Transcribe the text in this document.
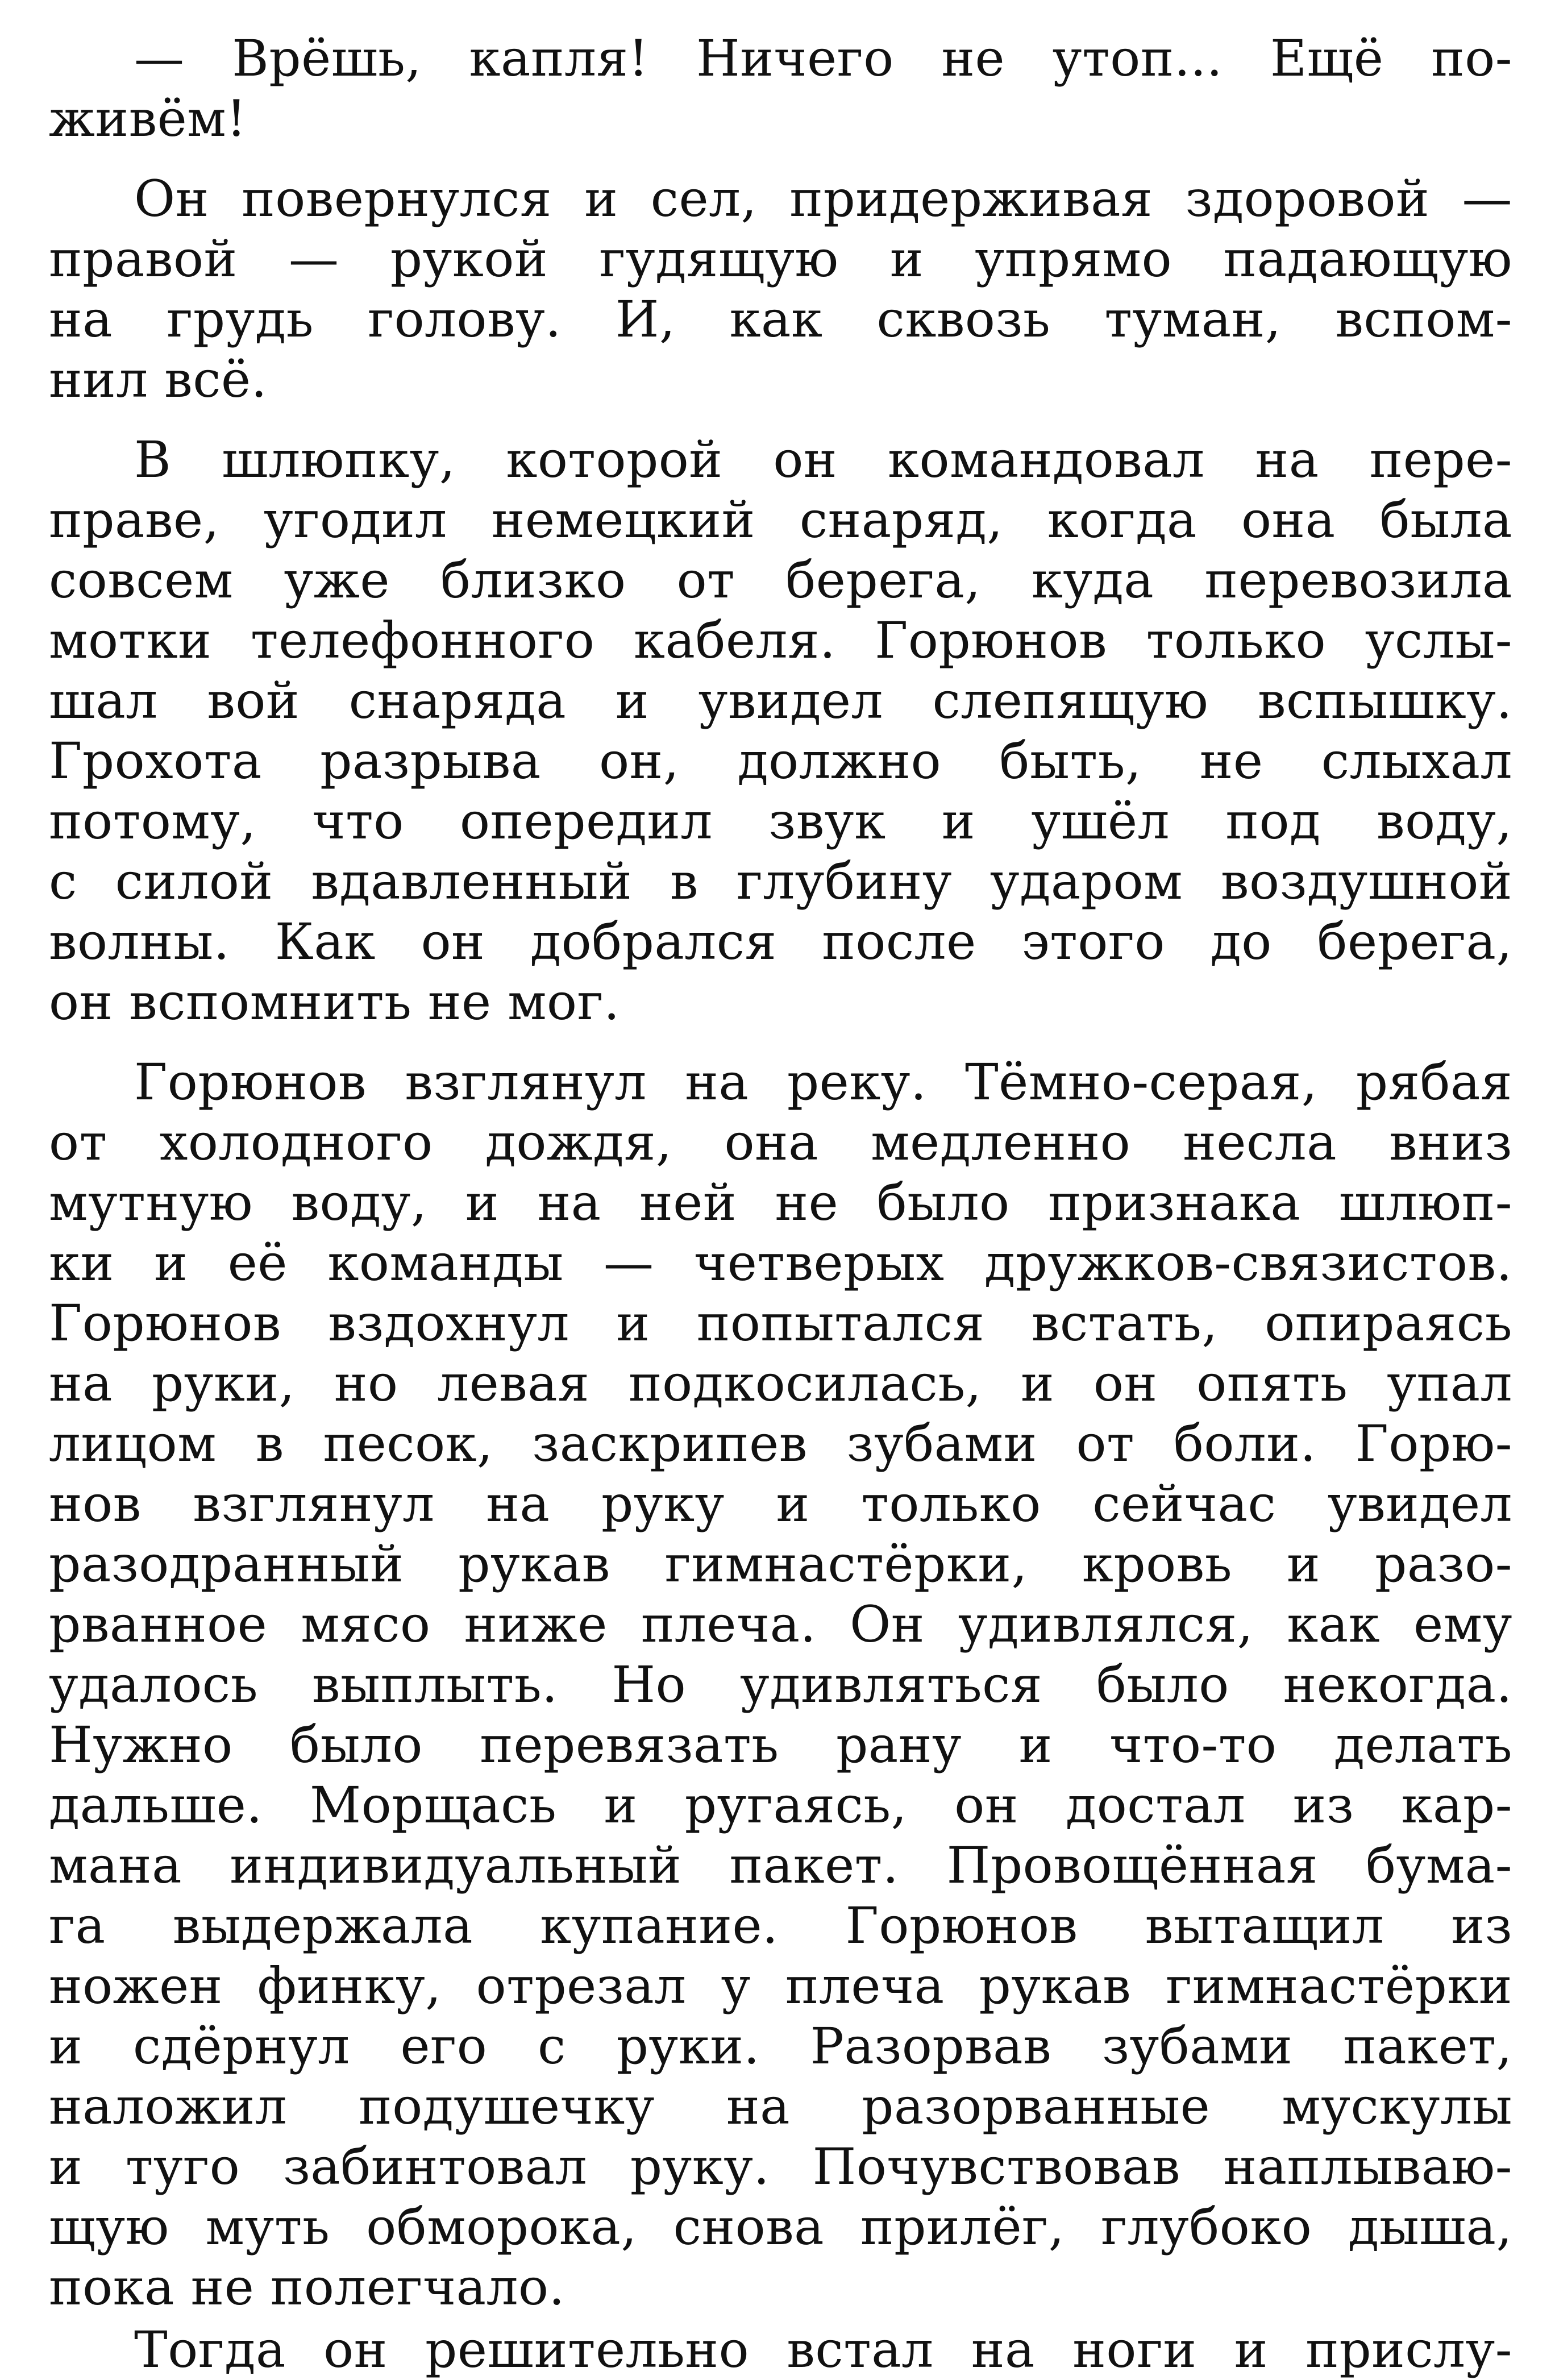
— Врёшь, капля! Ничего не утоп... Ещё по-
живём!
Он повернулся и сел, придерживая здоровой —
правой — рукой гудящую и упрямо падающую
на грудь голову. И, как сквозь туман, вспом-
нил всё.
В шлюпку, которой он командовал на пере-
праве, угодил немецкий снаряд, когда она была
совсем уже близко от берега, куда перевозила
мотки телефонного кабеля. Горюнов только услы-
шал вой снаряда и увидел слепящую вспышку.
Грохота разрыва он, должно быть, не слыхал
потому, что опередил звук и ушёл под воду,
с силой вдавленный в глубину ударом воздушной
волны. Как он добрался после этого до берега,
он вспомнить не мог.
Горюнов взглянул на реку. Тёмно-серая, рябая
от холодного дождя, она медленно несла вниз
мутную воду, и на ней не было признака шлюп-
ки и её команды — четверых дружков-связистов.
Горюнов вздохнул и попытался встать, опираясь
на руки, но левая подкосилась, и он опять упал
лицом в песок, заскрипев зубами от боли. Горю-
нов взглянул на руку и только сейчас увидел
разодранный рукав гимнастёрки, кровь и разо-
рванное мясо ниже плеча. Он удивлялся, как ему
удалось выплыть. Но удивляться было некогда.
Нужно было перевязать рану и что-то делать
дальше. Морщась и ругаясь, он достал из кар-
мана индивидуальный пакет. Провощённая бума-
га выдержала купание. Горюнов вытащил из
ножен финку, отрезал у плеча рукав гимнастёрки
и сдёрнул его с руки. Разорвав зубами пакет,
наложил подушечку на разорванные мускулы
и туго забинтовал руку. Почувствовав наплываю-
щую муть обморока, снова прилёг, глубоко дыша,
пока не полегчало.
Тогда он решительно встал на ноги и прислу-
